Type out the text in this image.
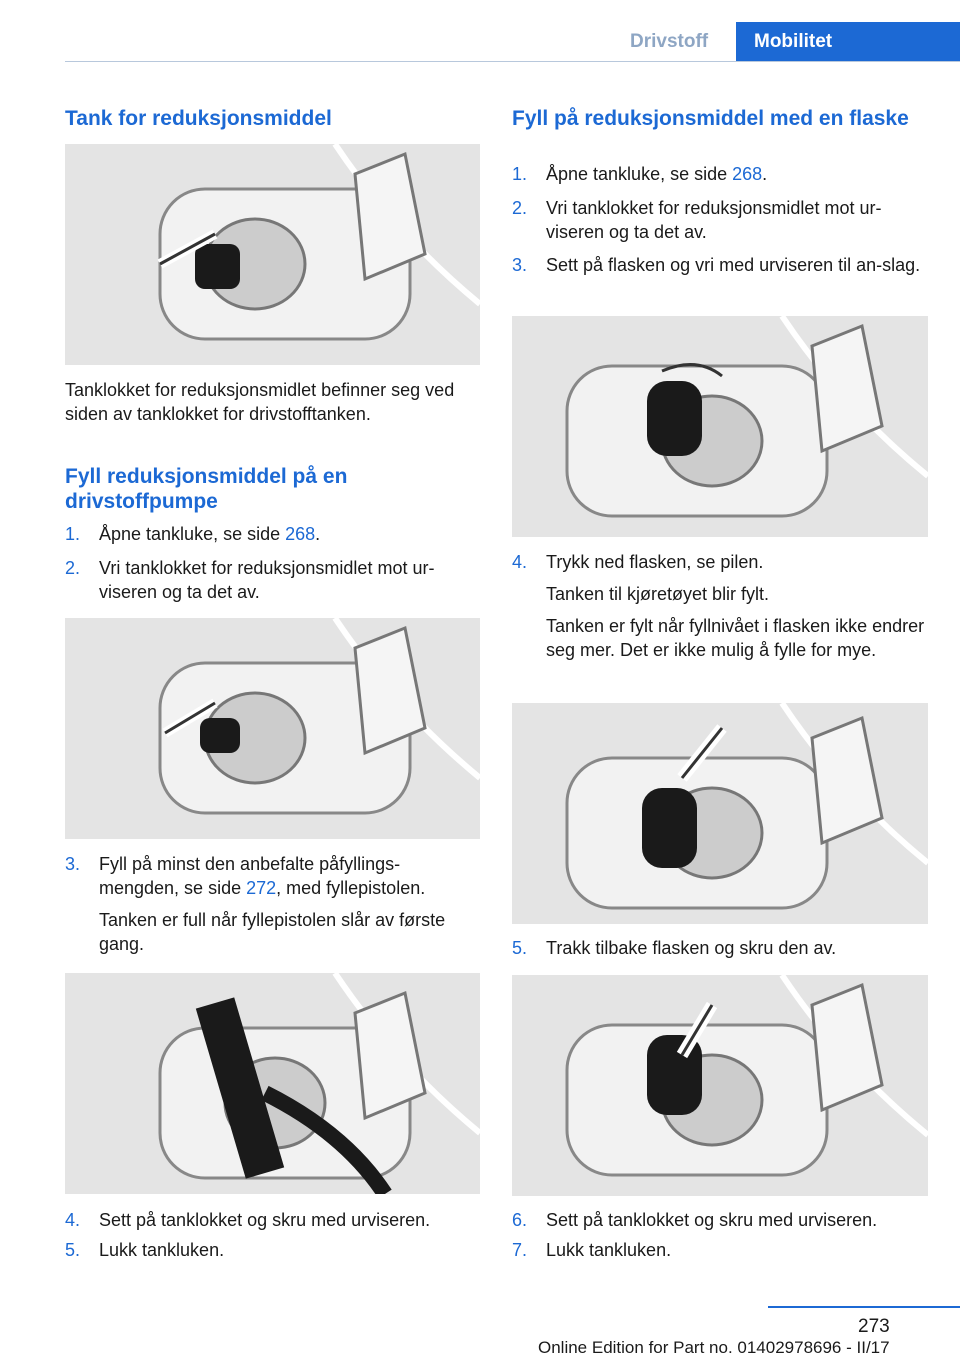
Drivstoff	Mobilitet
Tank for reduksjonsmiddel

Tanklokket for reduksjonsmidlet befinner seg ved siden av tanklokket for drivstofftanken.

Fyll reduksjonsmiddel på en drivstoffpumpe
1. Åpne tankluke, se side 268.
2. Vri tanklokket for reduksjonsmidlet mot ur-viseren og ta det av.
3. Fyll på minst den anbefalte påfyllings-mengden, se side 272, med fyllepistolen.
Tanken er full når fyllepistolen slår av første gang.
4. Sett på tanklokket og skru med urviseren.
5. Lukk tankluken.
Fyll på reduksjonsmiddel med en flaske
1. Åpne tankluke, se side 268.
2. Vri tanklokket for reduksjonsmidlet mot ur-viseren og ta det av.
3. Sett på flasken og vri med urviseren til an-slag.
4. Trykk ned flasken, se pilen.
Tanken til kjøretøyet blir fylt.
Tanken er fylt når fyllnivået i flasken ikke endrer seg mer. Det er ikke mulig å fylle for mye.
5. Trakk tilbake flasken og skru den av.
6. Sett på tanklokket og skru med urviseren.
7. Lukk tankluken.
273
Online Edition for Part no. 01402978696 - II/17
